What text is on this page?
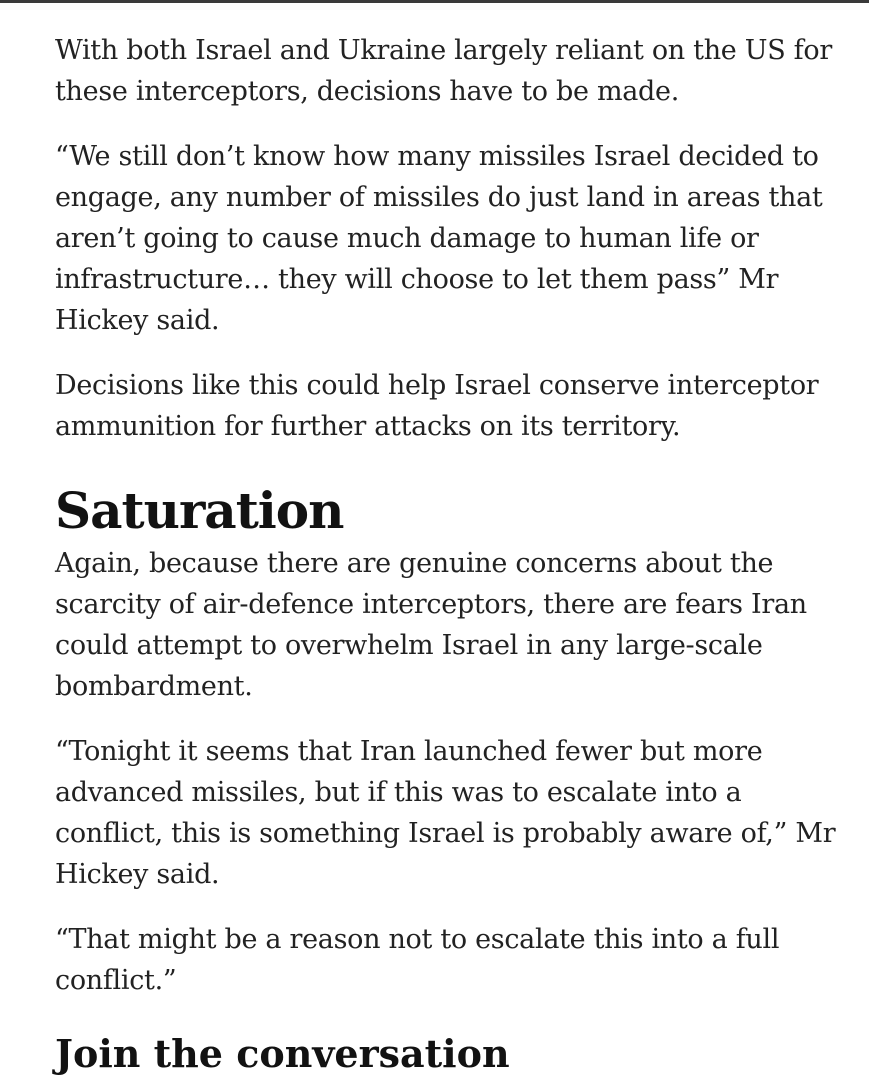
With both Israel and Ukraine largely reliant on the US for these interceptors, decisions have to be made.

“We still don’t know how many missiles Israel decided to engage, any number of missiles do just land in areas that aren’t going to cause much damage to human life or infrastructure… they will choose to let them pass” Mr Hickey said.

Decisions like this could help Israel conserve interceptor ammunition for further attacks on its territory.

Saturation

Again, because there are genuine concerns about the scarcity of air-defence interceptors, there are fears Iran could attempt to overwhelm Israel in any large-scale bombardment.

“Tonight it seems that Iran launched fewer but more advanced missiles, but if this was to escalate into a conflict, this is something Israel is probably aware of,” Mr Hickey said.

“That might be a reason not to escalate this into a full conflict.”

Join the conversation
